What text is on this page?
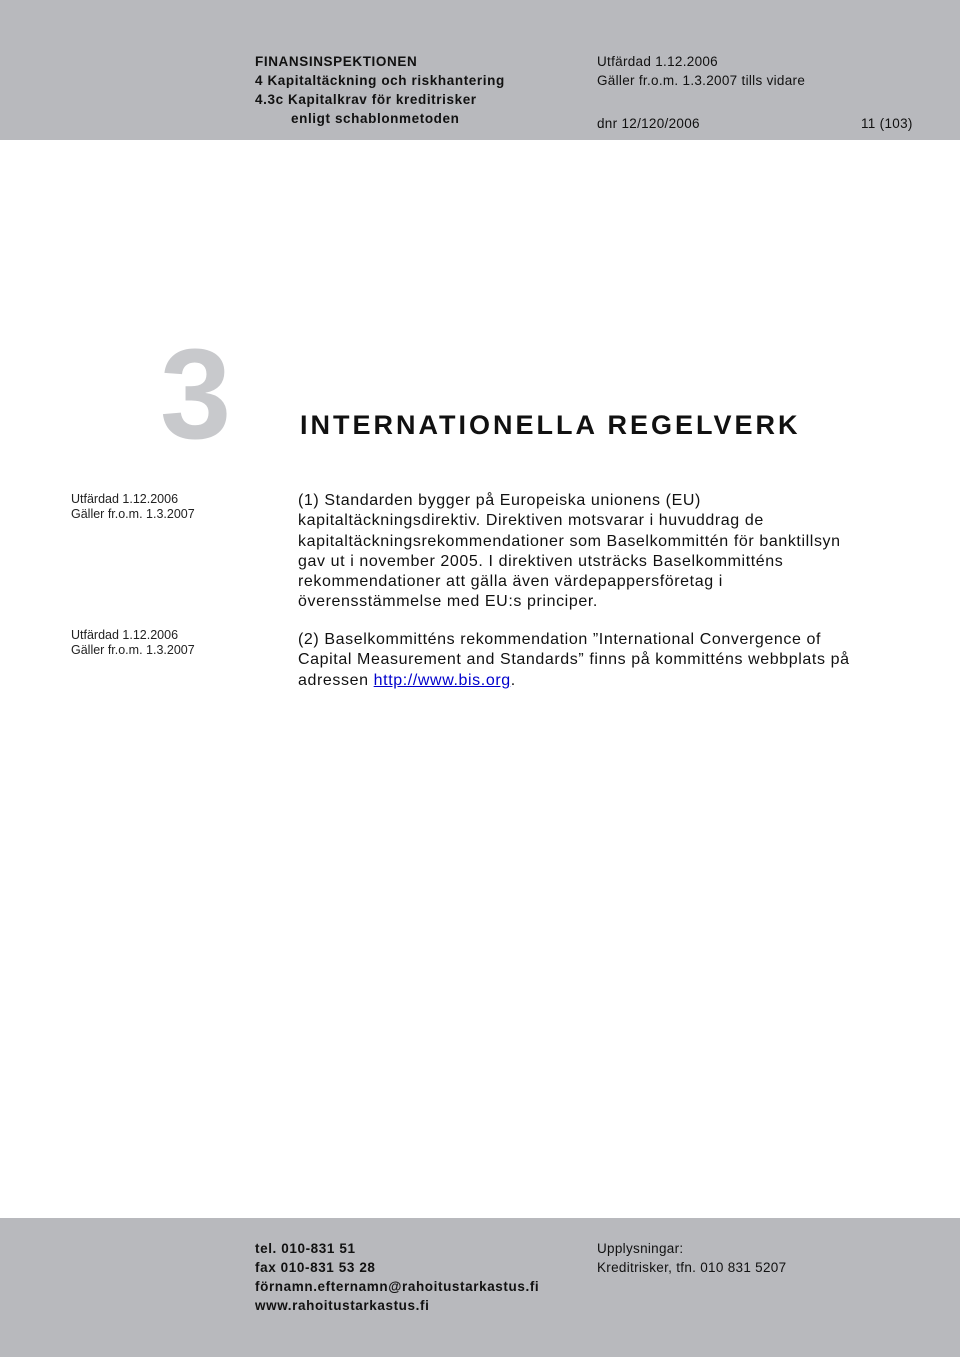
FINANSINSPEKTIONEN
4 Kapitaltäckning och riskhantering
4.3c Kapitalkrav för kreditrisker
enligt schablonmetoden
Utfärdad 1.12.2006
Gäller fr.o.m. 1.3.2007 tills vidare
dnr 12/120/2006	11 (103)
3	INTERNATIONELLA REGELVERK
Utfärdad 1.12.2006
Gäller fr.o.m. 1.3.2007
(1) Standarden bygger på Europeiska unionens (EU)
kapitaltäckningsdirektiv. Direktiven motsvarar i huvuddrag de
kapitaltäckningsrekommendationer som Baselkommittén för banktillsyn
gav ut i november 2005. I direktiven utsträcks Baselkommitténs
rekommendationer att gälla även värdepappersföretag i
överensstämmelse med EU:s principer.
Utfärdad 1.12.2006
Gäller fr.o.m. 1.3.2007
(2) Baselkommitténs rekommendation ”International Convergence of
Capital Measurement and Standards” finns på kommitténs webbplats på
adressen http://www.bis.org.
tel. 010-831 51
fax 010-831 53 28
förnamn.efternamn@rahoitustarkastus.fi
www.rahoitustarkastus.fi
Upplysningar:
Kreditrisker, tfn. 010 831 5207
